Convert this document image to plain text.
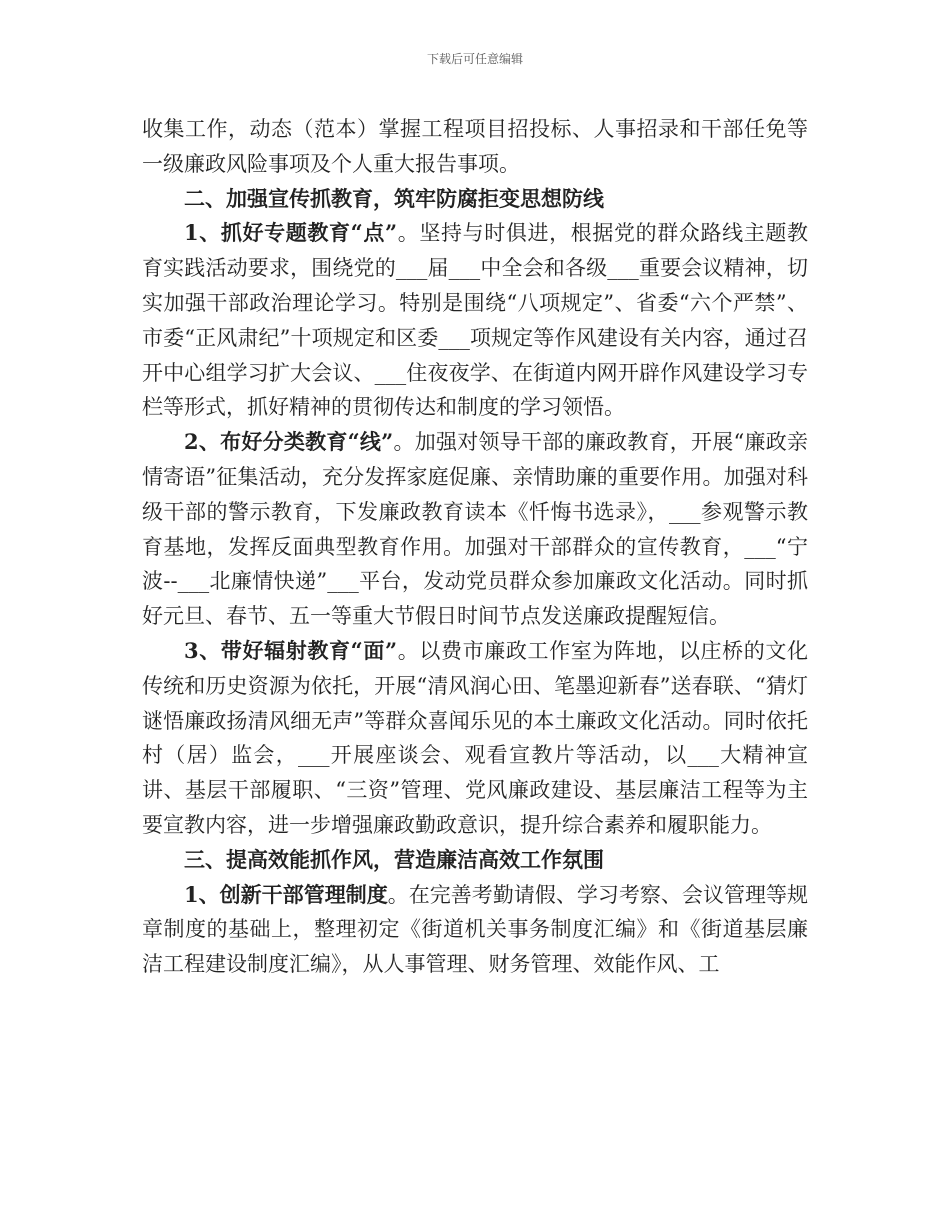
下载后可任意编辑

收集工作，动态（范本）掌握工程项目招投标、人事招录和干部任免等一级廉政风险事项及个人重大报告事项。

二、加强宣传抓教育，筑牢防腐拒变思想防线

1、抓好专题教育“点”。坚持与时俱进，根据党的群众路线主题教育实践活动要求，围绕党的___届___中全会和各级___重要会议精神，切实加强干部政治理论学习。特别是围绕“八项规定”、省委“六个严禁”、市委“正风肃纪”十项规定和区委___项规定等作风建设有关内容，通过召开中心组学习扩大会议、___住夜夜学、在街道内网开辟作风建设学习专栏等形式，抓好精神的贯彻传达和制度的学习领悟。

2、布好分类教育“线”。加强对领导干部的廉政教育，开展“廉政亲情寄语”征集活动，充分发挥家庭促廉、亲情助廉的重要作用。加强对科级干部的警示教育，下发廉政教育读本《忏悔书选录》，___参观警示教育基地，发挥反面典型教育作用。加强对干部群众的宣传教育，___“宁波--___北廉情快递”___平台，发动党员群众参加廉政文化活动。同时抓好元旦、春节、五一等重大节假日时间节点发送廉政提醒短信。

3、带好辐射教育“面”。以费市廉政工作室为阵地，以庄桥的文化传统和历史资源为依托，开展“清风润心田、笔墨迎新春”送春联、“猜灯谜悟廉政扬清风细无声”等群众喜闻乐见的本土廉政文化活动。同时依托村（居）监会，___开展座谈会、观看宣教片等活动，以___大精神宣讲、基层干部履职、“三资”管理、党风廉政建设、基层廉洁工程等为主要宣教内容，进一步增强廉政勤政意识，提升综合素养和履职能力。

三、提高效能抓作风，营造廉洁高效工作氛围

1、创新干部管理制度。在完善考勤请假、学习考察、会议管理等规章制度的基础上，整理初定《街道机关事务制度汇编》和《街道基层廉洁工程建设制度汇编》，从人事管理、财务管理、效能作风、工
